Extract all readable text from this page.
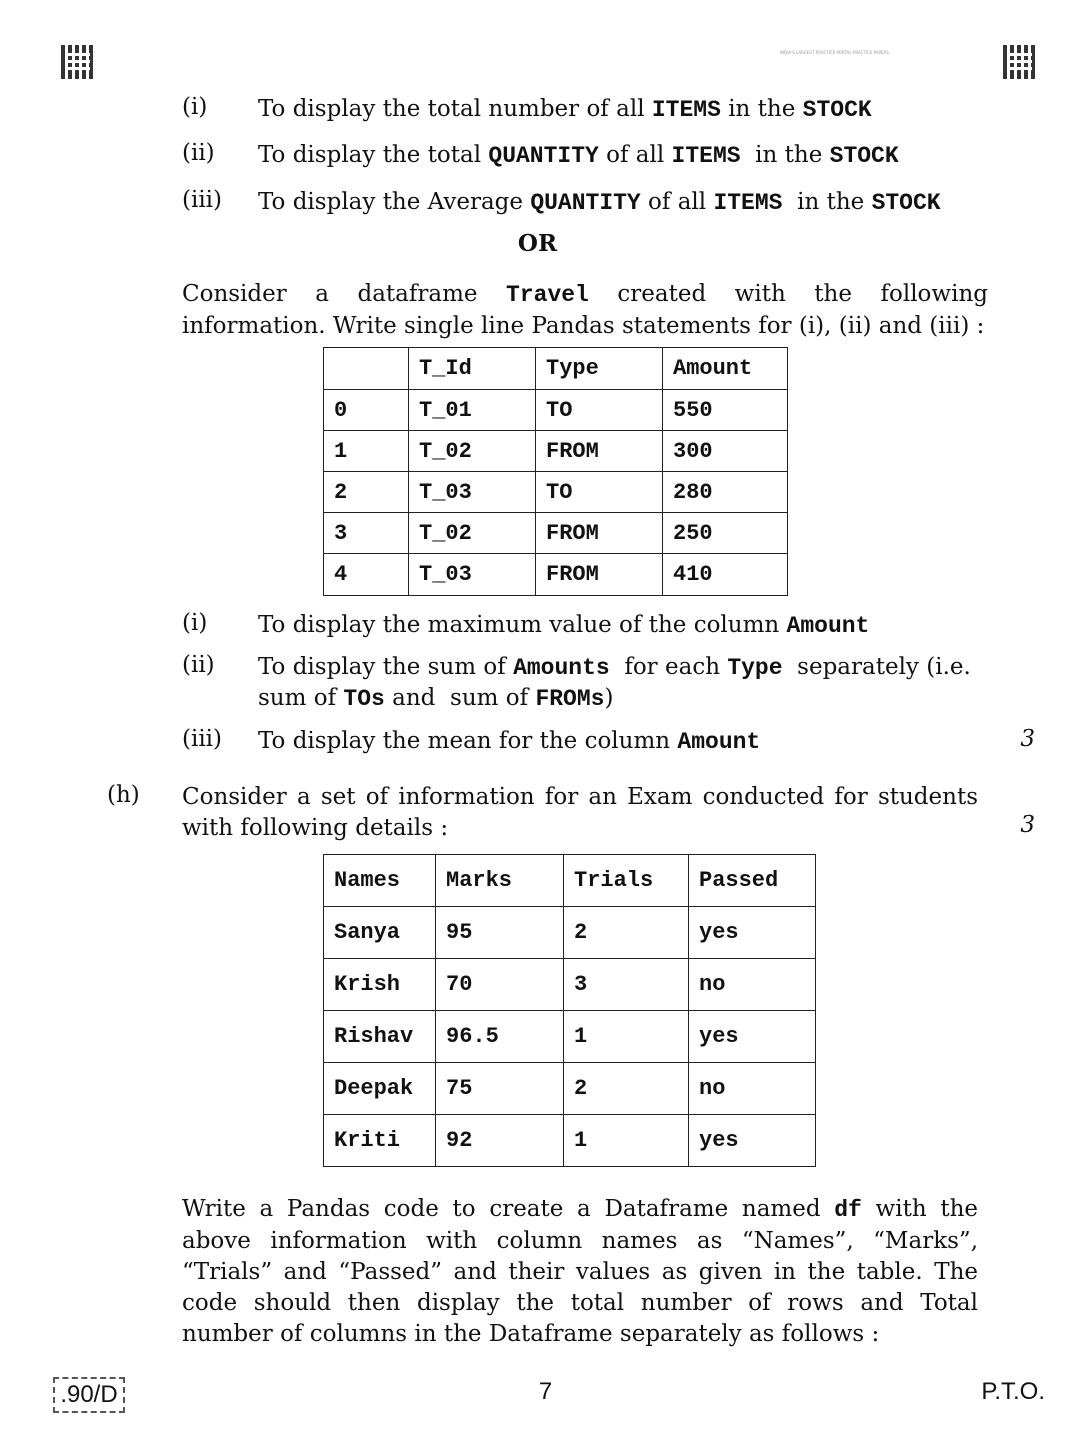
INDIA'S LARGEST PRACTICE PORTAL PRACTICE PAPERS
(i)	To display the total number of all ITEMS in the STOCK
(ii)	To display the total QUANTITY of all ITEMS  in the STOCK
(iii)	To display the Average QUANTITY of all ITEMS  in the STOCK
OR
Consider a dataframe Travel created with the following information. Write single line Pandas statements for (i), (ii) and (iii) :
	T_Id	Type	Amount
0	T_01	TO	550
1	T_02	FROM	300
2	T_03	TO	280
3	T_02	FROM	250
4	T_03	FROM	410
(i)	To display the maximum value of the column Amount
(ii)	To display the sum of Amounts  for each Type  separately (i.e. sum of TOs and  sum of FROMs)
(iii)	To display the mean for the column Amount	3
(h) Consider a set of information for an Exam conducted for students with following details :	3
Names	Marks	Trials	Passed
Sanya	95	2	yes
Krish	70	3	no
Rishav	96.5	1	yes
Deepak	75	2	no
Kriti	92	1	yes
Write a Pandas code to create a Dataframe named df with the above information with column names as “Names”, “Marks”, “Trials” and “Passed” and their values as given in the table. The code should then display the total number of rows and Total number of columns in the Dataframe separately as follows :
.90/D	7	P.T.O.
